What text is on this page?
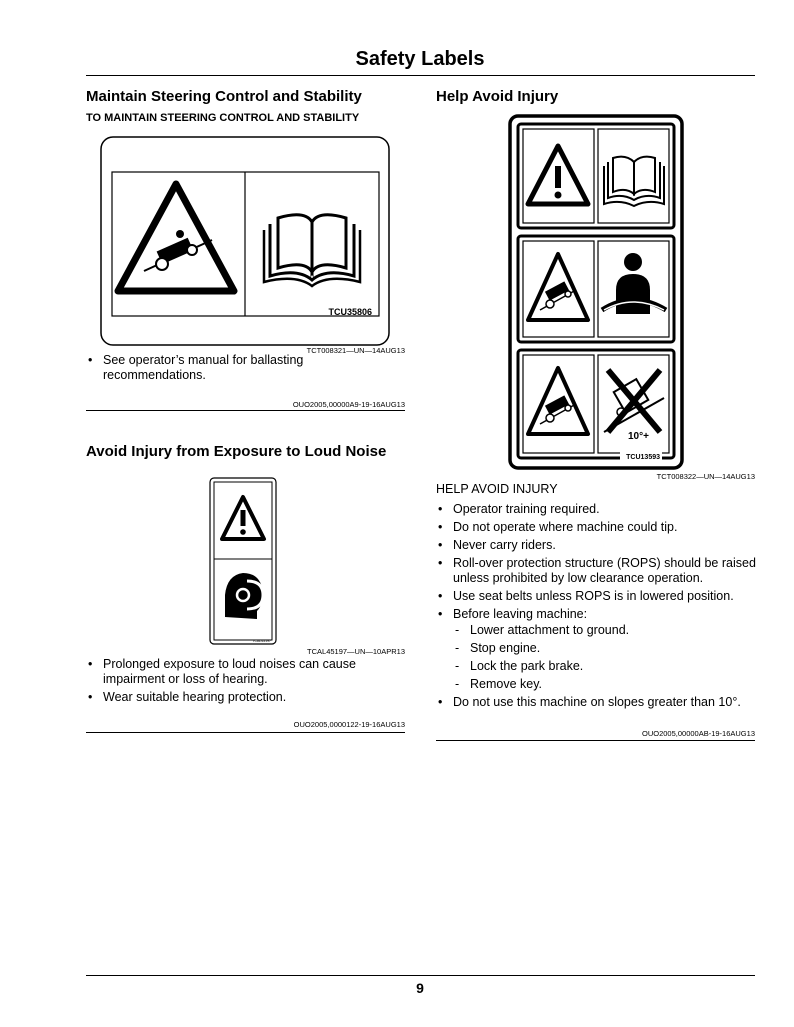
Safety Labels
Maintain Steering Control and Stability
TO MAINTAIN STEERING CONTROL AND STABILITY
TCU35806
TCT008321—UN—14AUG13
• See operator’s manual for ballasting recommendations.
OUO2005,00000A9-19-16AUG13
Avoid Injury from Exposure to Loud Noise
TCAL45197
TCAL45197—UN—10APR13
• Prolonged exposure to loud noises can cause impairment or loss of hearing.
• Wear suitable hearing protection.
OUO2005,0000122-19-16AUG13
Help Avoid Injury
10°+
TCU13593
TCT008322—UN—14AUG13
HELP AVOID INJURY
• Operator training required.
• Do not operate where machine could tip.
• Never carry riders.
• Roll-over protection structure (ROPS) should be raised unless prohibited by low clearance operation.
• Use seat belts unless ROPS is in lowered position.
• Before leaving machine:
- Lower attachment to ground.
- Stop engine.
- Lock the park brake.
- Remove key.
• Do not use this machine on slopes greater than 10°.
OUO2005,00000AB-19-16AUG13
9
